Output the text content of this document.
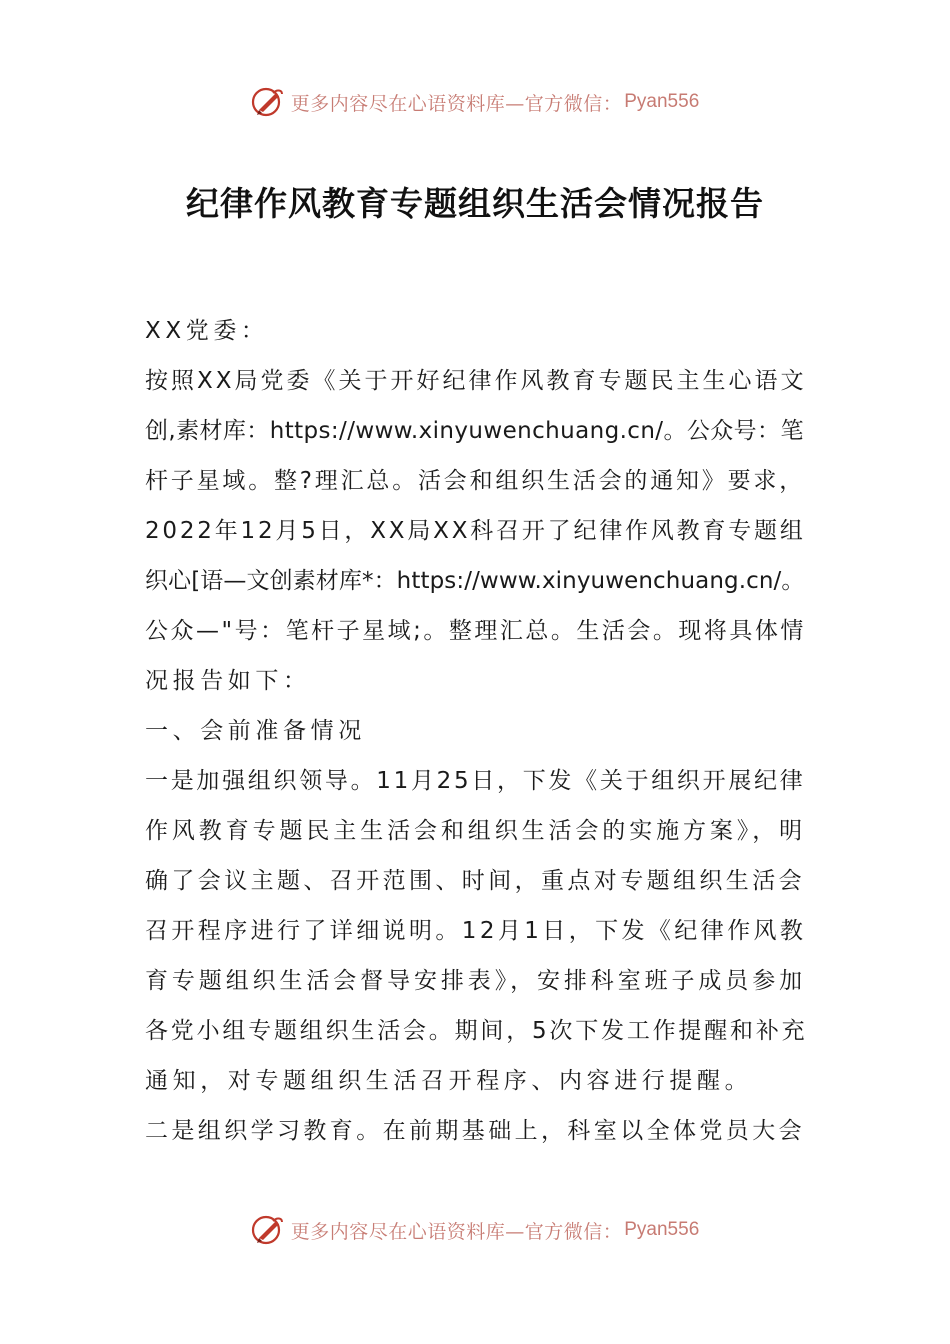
更多内容尽在心语资料库—官方微信： Pyan556
纪律作风教育专题组织生活会情况报告
XX党委：
按照XX局党委《关于开好纪律作风教育专题民主生心语文
创,素材库：https://www.xinyuwenchuang.cn/。公众号：笔
杆子星域。整?理汇总。活会和组织生活会的通知》要求，
2022年12月5日，XX局XX科召开了纪律作风教育专题组
织心[语—文创素材库*：https://www.xinyuwenchuang.cn/。
公众—"号：笔杆子星域;。整理汇总。生活会。现将具体情
况报告如下：
一、会前准备情况
一是加强组织领导。11月25日，下发《关于组织开展纪律
作风教育专题民主生活会和组织生活会的实施方案》，明
确了会议主题、召开范围、时间，重点对专题组织生活会
召开程序进行了详细说明。12月1日，下发《纪律作风教
育专题组织生活会督导安排表》，安排科室班子成员参加
各党小组专题组织生活会。期间，5次下发工作提醒和补充
通知，对专题组织生活召开程序、内容进行提醒。
二是组织学习教育。在前期基础上，科室以全体党员大会
更多内容尽在心语资料库—官方微信： Pyan556
